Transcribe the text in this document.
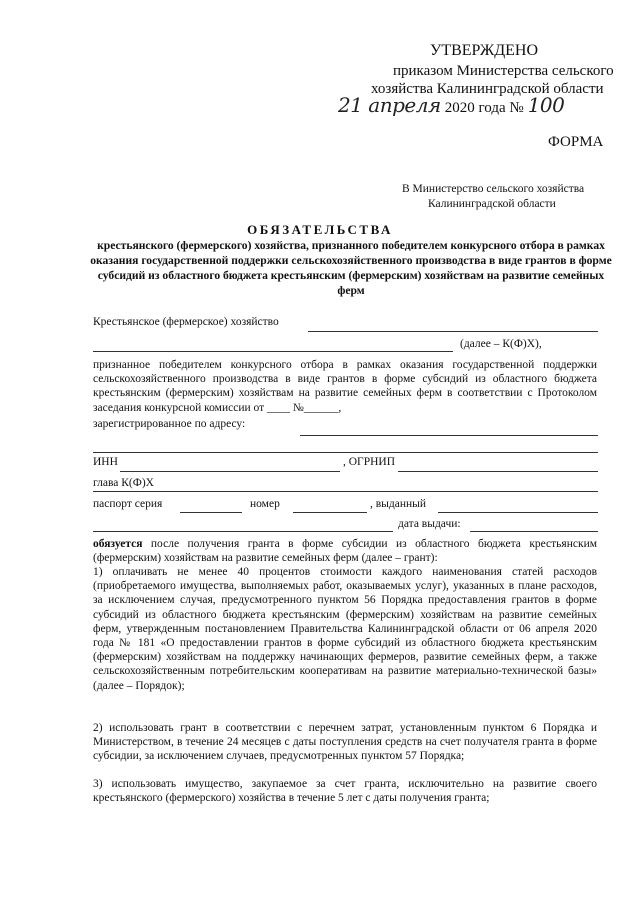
УТВЕРЖДЕНО
приказом Министерства сельского
хозяйства Калининградской области
21 апреля 2020 года № 100
ФОРМА
В Министерство сельского хозяйства
Калининградской области
ОБЯЗАТЕЛЬСТВА
крестьянского (фермерского) хозяйства, признанного победителем конкурсного отбора в рамках оказания государственной поддержки сельскохозяйственного производства в виде грантов в форме субсидий из областного бюджета крестьянским (фермерским) хозяйствам на развитие семейных ферм
Крестьянское (фермерское) хозяйство
(далее – К(Ф)Х),
признанное победителем конкурсного отбора в рамках оказания государственной поддержки сельскохозяйственного производства в виде грантов в форме субсидий из областного бюджета крестьянским (фермерским) хозяйствам на развитие семейных ферм в соответствии с Протоколом заседания конкурсной комиссии от ____ №______,
зарегистрированное по адресу:
ИНН	, ОГРНИП
глава К(Ф)Х
паспорт серия	номер	, выданный
дата выдачи:
обязуется после получения гранта в форме субсидии из областного бюджета крестьянским (фермерским) хозяйствам на развитие семейных ферм (далее – грант):
1) оплачивать не менее 40 процентов стоимости каждого наименования статей расходов (приобретаемого имущества, выполняемых работ, оказываемых услуг), указанных в плане расходов, за исключением случая, предусмотренного пунктом 56 Порядка предоставления грантов в форме субсидий из областного бюджета крестьянским (фермерским) хозяйствам на развитие семейных ферм, утвержденным постановлением Правительства Калининградской области от 06 апреля 2020 года № 181 «О предоставлении грантов в форме субсидий из областного бюджета крестьянским (фермерским) хозяйствам на поддержку начинающих фермеров, развитие семейных ферм, а также сельскохозяйственным потребительским кооперативам на развитие материально-технической базы» (далее – Порядок);
2) использовать грант в соответствии с перечнем затрат, установленным пунктом 6 Порядка и Министерством, в течение 24 месяцев с даты поступления средств на счет получателя гранта в форме субсидии, за исключением случаев, предусмотренных пунктом 57 Порядка;
3) использовать имущество, закупаемое за счет гранта, исключительно на развитие своего крестьянского (фермерского) хозяйства в течение 5 лет с даты получения гранта;
